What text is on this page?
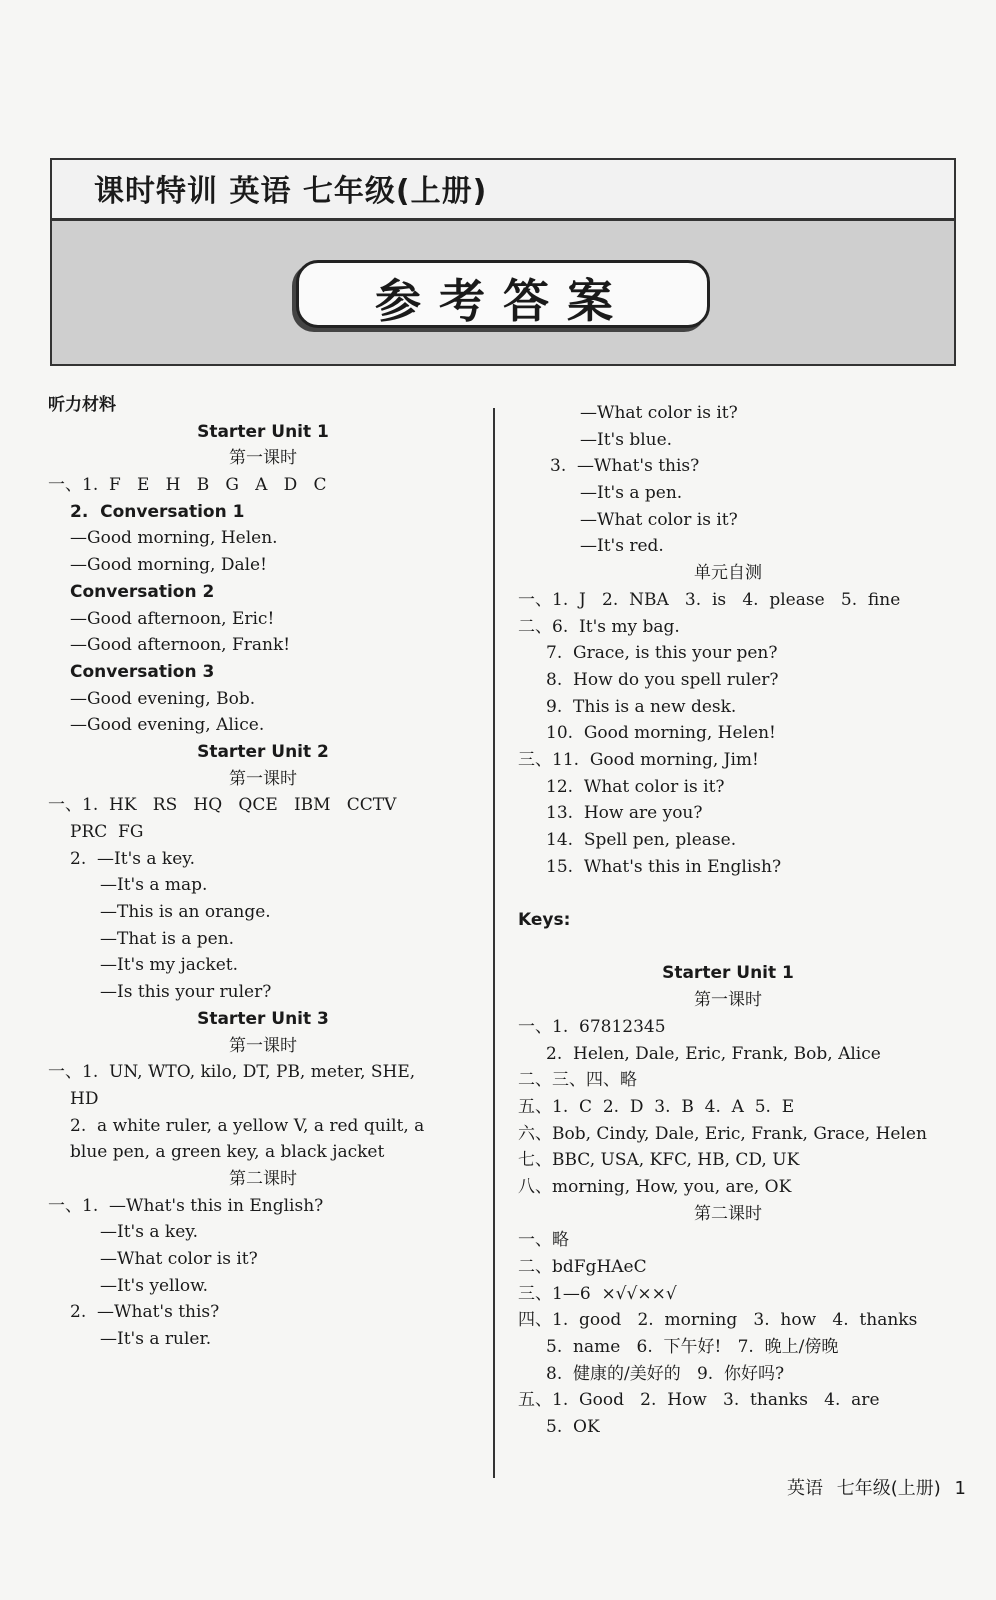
课时特训 英语 七年级(上册)
参考答案
听力材料
Starter Unit 1
第一课时
一、1.  F   E   H   B   G   A   D   C
2.  Conversation 1
—Good morning, Helen.
—Good morning, Dale!
Conversation 2
—Good afternoon, Eric!
—Good afternoon, Frank!
Conversation 3
—Good evening, Bob.
—Good evening, Alice.
Starter Unit 2
第一课时
一、1.  HK   RS   HQ   QCE   IBM   CCTV
PRC  FG
2.  —It's a key.
—It's a map.
—This is an orange.
—That is a pen.
—It's my jacket.
—Is this your ruler?
Starter Unit 3
第一课时
一、1.  UN, WTO, kilo, DT, PB, meter, SHE,
HD
2.  a white ruler, a yellow V, a red quilt, a
blue pen, a green key, a black jacket
第二课时
一、1.  —What's this in English?
—It's a key.
—What color is it?
—It's yellow.
2.  —What's this?
—It's a ruler.
—What color is it?
—It's blue.
3.  —What's this?
—It's a pen.
—What color is it?
—It's red.
单元自测
一、1.  J   2.  NBA   3.  is   4.  please   5.  fine
二、6.  It's my bag.
7.  Grace, is this your pen?
8.  How do you spell ruler?
9.  This is a new desk.
10.  Good morning, Helen!
三、11.  Good morning, Jim!
12.  What color is it?
13.  How are you?
14.  Spell pen, please.
15.  What's this in English?
Keys:
Starter Unit 1
第一课时
一、1.  67812345
2.  Helen, Dale, Eric, Frank, Bob, Alice
二、三、四、略
五、1.  C  2.  D  3.  B  4.  A  5.  E
六、Bob, Cindy, Dale, Eric, Frank, Grace, Helen
七、BBC, USA, KFC, HB, CD, UK
八、morning, How, you, are, OK
第二课时
一、略
二、bdFgHAeC
三、1—6  ×√√××√
四、1.  good   2.  morning   3.  how   4.  thanks
5.  name   6.  下午好!   7.  晚上/傍晚
8.  健康的/美好的   9.  你好吗?
五、1.  Good   2.  How   3.  thanks   4.  are
5.  OK
英语 七年级(上册) 1
